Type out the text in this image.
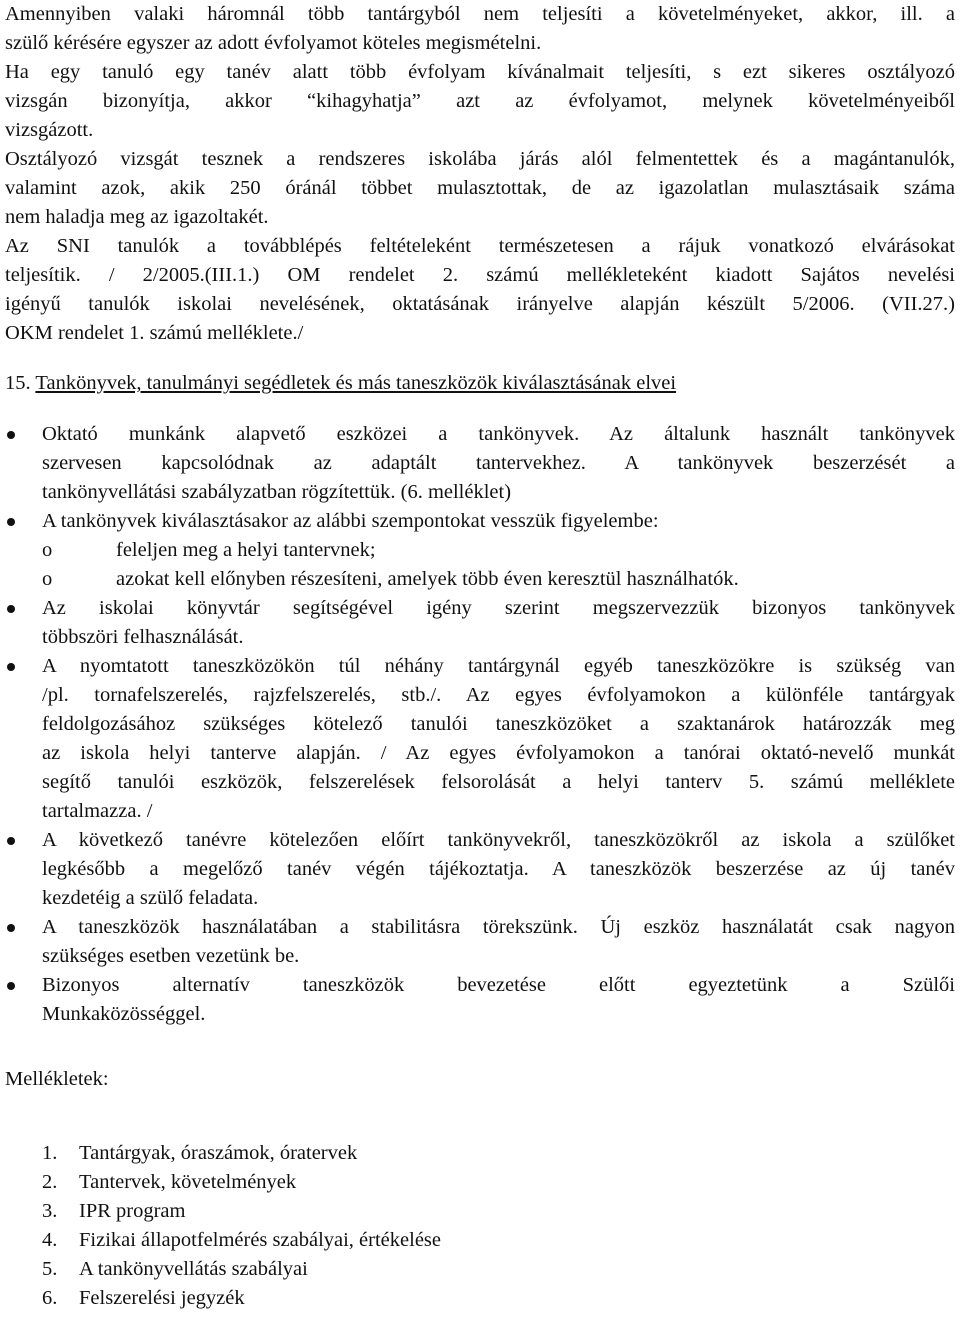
Amennyiben valaki háromnál több tantárgyból nem teljesíti a követelményeket, akkor, ill. a
szülő kérésére egyszer az adott évfolyamot köteles megismételni.

Ha egy tanuló egy tanév alatt több évfolyam kívánalmait teljesíti, s ezt sikeres osztályozó
vizsgán bizonyítja, akkor “kihagyhatja” azt az évfolyamot, melynek követelményeiből
vizsgázott.

Osztályozó vizsgát tesznek a rendszeres iskolába járás alól felmentettek és a magántanulók,
valamint azok, akik 250 óránál többet mulasztottak, de az igazolatlan mulasztásaik száma
nem haladja meg az igazoltakét.

Az SNI tanulók a továbblépés feltételeként természetesen a rájuk vonatkozó elvárásokat
teljesítik. / 2/2005.(III.1.) OM rendelet 2. számú mellékleteként kiadott Sajátos nevelési
igényű tanulók iskolai nevelésének, oktatásának irányelve alapján készült 5/2006. (VII.27.)
OKM rendelet 1. számú melléklete./

15. Tankönyvek, tanulmányi segédletek és más taneszközök kiválasztásának elvei

Oktató munkánk alapvető eszközei a tankönyvek. Az általunk használt tankönyvek
szervesen kapcsolódnak az adaptált tantervekhez. A tankönyvek beszerzését a
tankönyvellátási szabályzatban rögzítettük. (6. melléklet)
A tankönyvek kiválasztásakor az alábbi szempontokat vesszük figyelembe:
o	feleljen meg a helyi tantervnek;
o	azokat kell előnyben részesíteni, amelyek több éven keresztül használhatók.
Az iskolai könyvtár segítségével igény szerint megszervezzük bizonyos tankönyvek
többszöri felhasználását.
A nyomtatott taneszközökön túl néhány tantárgynál egyéb taneszközökre is szükség van
/pl. tornafelszerelés, rajzfelszerelés, stb./. Az egyes évfolyamokon a különféle tantárgyak
feldolgozásához szükséges kötelező tanulói taneszközöket a szaktanárok határozzák meg
az iskola helyi tanterve alapján. / Az egyes évfolyamokon a tanórai oktató-nevelő munkát
segítő tanulói eszközök, felszerelések felsorolását a helyi tanterv 5. számú melléklete
tartalmazza. /
A következő tanévre kötelezően előírt tankönyvekről, taneszközökről az iskola a szülőket
legkésőbb a megelőző tanév végén tájékoztatja. A taneszközök beszerzése az új tanév
kezdetéig a szülő feladata.
A taneszközök használatában a stabilitásra törekszünk. Új eszköz használatát csak nagyon
szükséges esetben vezetünk be.
Bizonyos alternatív taneszközök bevezetése előtt egyeztetünk a Szülői
Munkaközösséggel.

Mellékletek:

1. Tantárgyak, óraszámok, óratervek
2. Tantervek, követelmények
3. IPR program
4. Fizikai állapotfelmérés szabályai, értékelése
5. A tankönyvellátás szabályai
6. Felszerelési jegyzék
